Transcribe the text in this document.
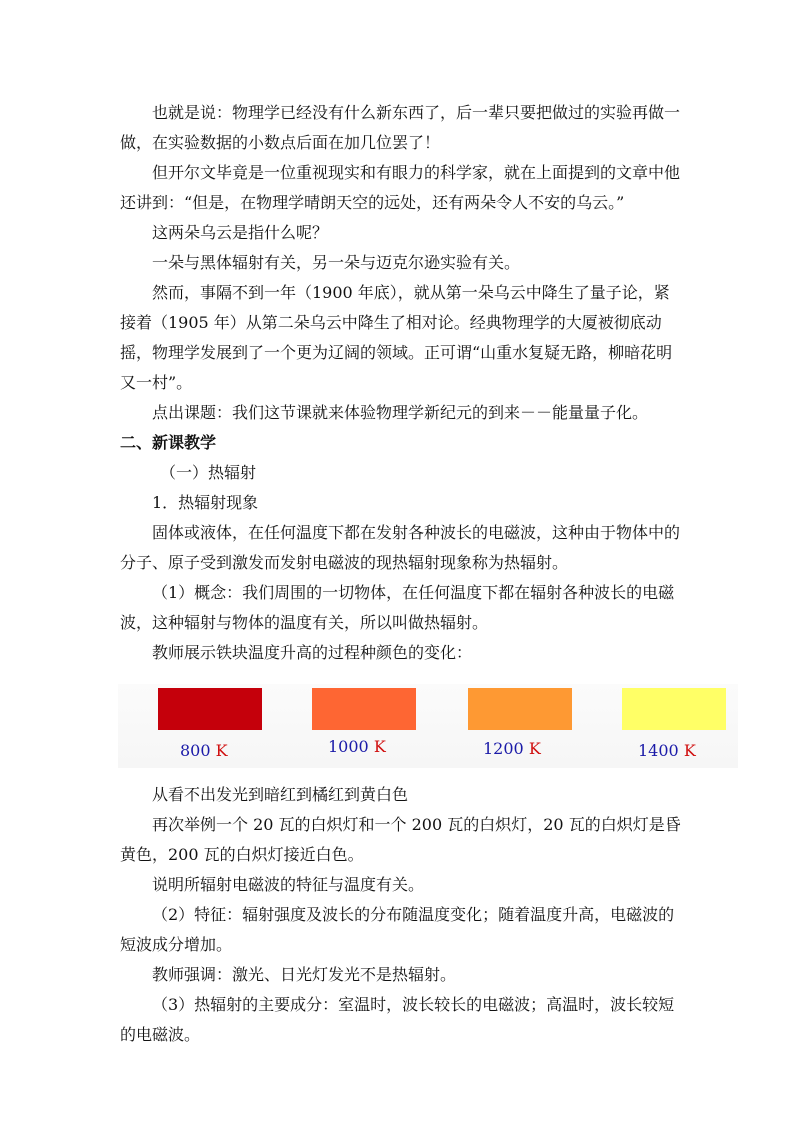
也就是说：物理学已经没有什么新东西了，后一辈只要把做过的实验再做一做，在实验数据的小数点后面在加几位罢了！

但开尔文毕竟是一位重视现实和有眼力的科学家，就在上面提到的文章中他还讲到：“但是，在物理学晴朗天空的远处，还有两朵令人不安的乌云。”

这两朵乌云是指什么呢？

一朵与黑体辐射有关，另一朵与迈克尔逊实验有关。

然而，事隔不到一年（1900 年底），就从第一朵乌云中降生了量子论，紧接着（1905 年）从第二朵乌云中降生了相对论。经典物理学的大厦被彻底动摇，物理学发展到了一个更为辽阔的领域。正可谓“山重水复疑无路，柳暗花明又一村”。

点出课题：我们这节课就来体验物理学新纪元的到来－－能量量子化。

二、新课教学

（一）热辐射

1．热辐射现象

固体或液体，在任何温度下都在发射各种波长的电磁波，这种由于物体中的分子、原子受到激发而发射电磁波的现热辐射现象称为热辐射。

（1）概念：我们周围的一切物体，在任何温度下都在辐射各种波长的电磁波，这种辐射与物体的温度有关，所以叫做热辐射。

教师展示铁块温度升高的过程种颜色的变化：

800 K	1000 K	1200 K	1400 K

从看不出发光到暗红到橘红到黄白色

再次举例一个 20 瓦的白炽灯和一个 200 瓦的白炽灯，20 瓦的白炽灯是昏黄色，200 瓦的白炽灯接近白色。

说明所辐射电磁波的特征与温度有关。

（2）特征：辐射强度及波长的分布随温度变化；随着温度升高，电磁波的短波成分增加。

教师强调：激光、日光灯发光不是热辐射。

（3）热辐射的主要成分：室温时，波长较长的电磁波；高温时，波长较短的电磁波。
